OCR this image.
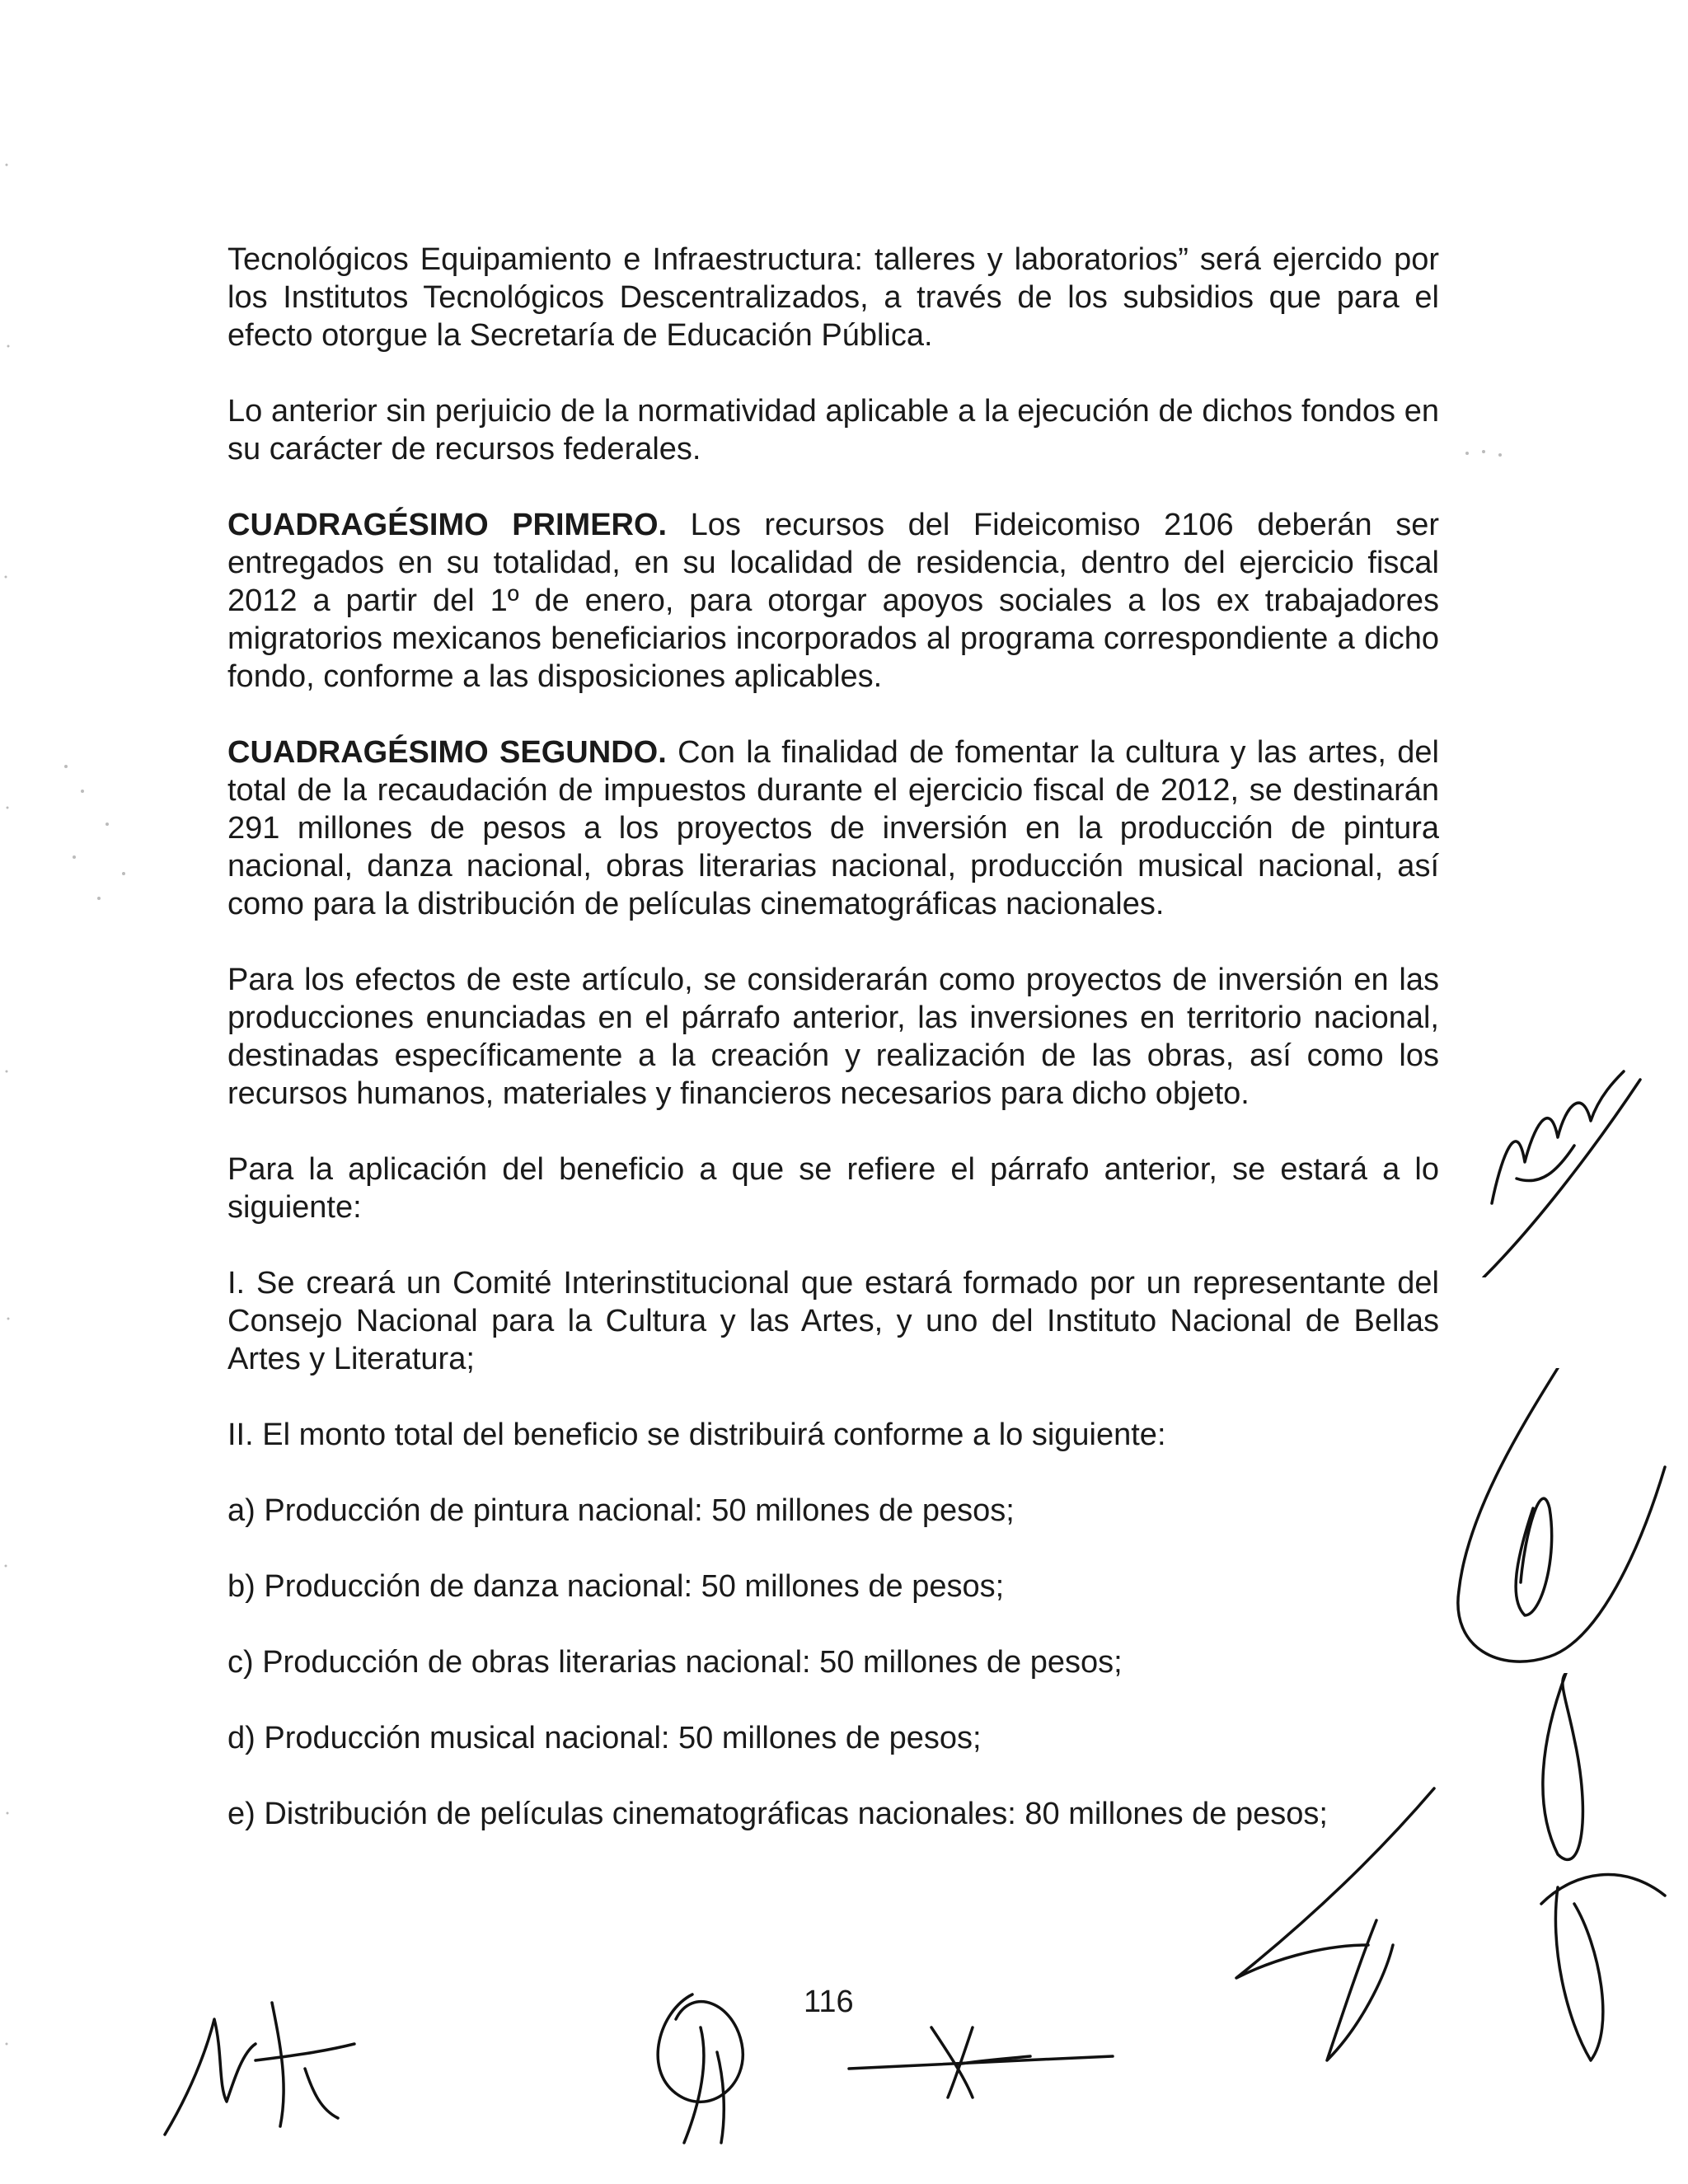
Tecnológicos Equipamiento e Infraestructura: talleres y laboratorios” será ejercido por los Institutos Tecnológicos Descentralizados, a través de los subsidios que para el efecto otorgue la Secretaría de Educación Pública.

Lo anterior sin perjuicio de la normatividad aplicable a la ejecución de dichos fondos en su carácter de recursos federales.

CUADRAGÉSIMO PRIMERO. Los recursos del Fideicomiso 2106 deberán ser entregados en su totalidad, en su localidad de residencia, dentro del ejercicio fiscal 2012 a partir del 1º de enero, para otorgar apoyos sociales a los ex trabajadores migratorios mexicanos beneficiarios incorporados al programa correspondiente a dicho fondo, conforme a las disposiciones aplicables.

CUADRAGÉSIMO SEGUNDO. Con la finalidad de fomentar la cultura y las artes, del total de la recaudación de impuestos durante el ejercicio fiscal de 2012, se destinarán 291 millones de pesos a los proyectos de inversión en la producción de pintura nacional, danza nacional, obras literarias nacional, producción musical nacional, así como para la distribución de películas cinematográficas nacionales.

Para los efectos de este artículo, se considerarán como proyectos de inversión en las producciones enunciadas en el párrafo anterior, las inversiones en territorio nacional, destinadas específicamente a la creación y realización de las obras, así como los recursos humanos, materiales y financieros necesarios para dicho objeto.

Para la aplicación del beneficio a que se refiere el párrafo anterior, se estará a lo siguiente:

I. Se creará un Comité Interinstitucional que estará formado por un representante del Consejo Nacional para la Cultura y las Artes, y uno del Instituto Nacional de Bellas Artes y Literatura;

II. El monto total del beneficio se distribuirá conforme a lo siguiente:

a) Producción de pintura nacional: 50 millones de pesos;

b) Producción de danza nacional: 50 millones de pesos;

c) Producción de obras literarias nacional: 50 millones de pesos;

d) Producción musical nacional: 50 millones de pesos;

e) Distribución de películas cinematográficas nacionales: 80 millones de pesos;

116
